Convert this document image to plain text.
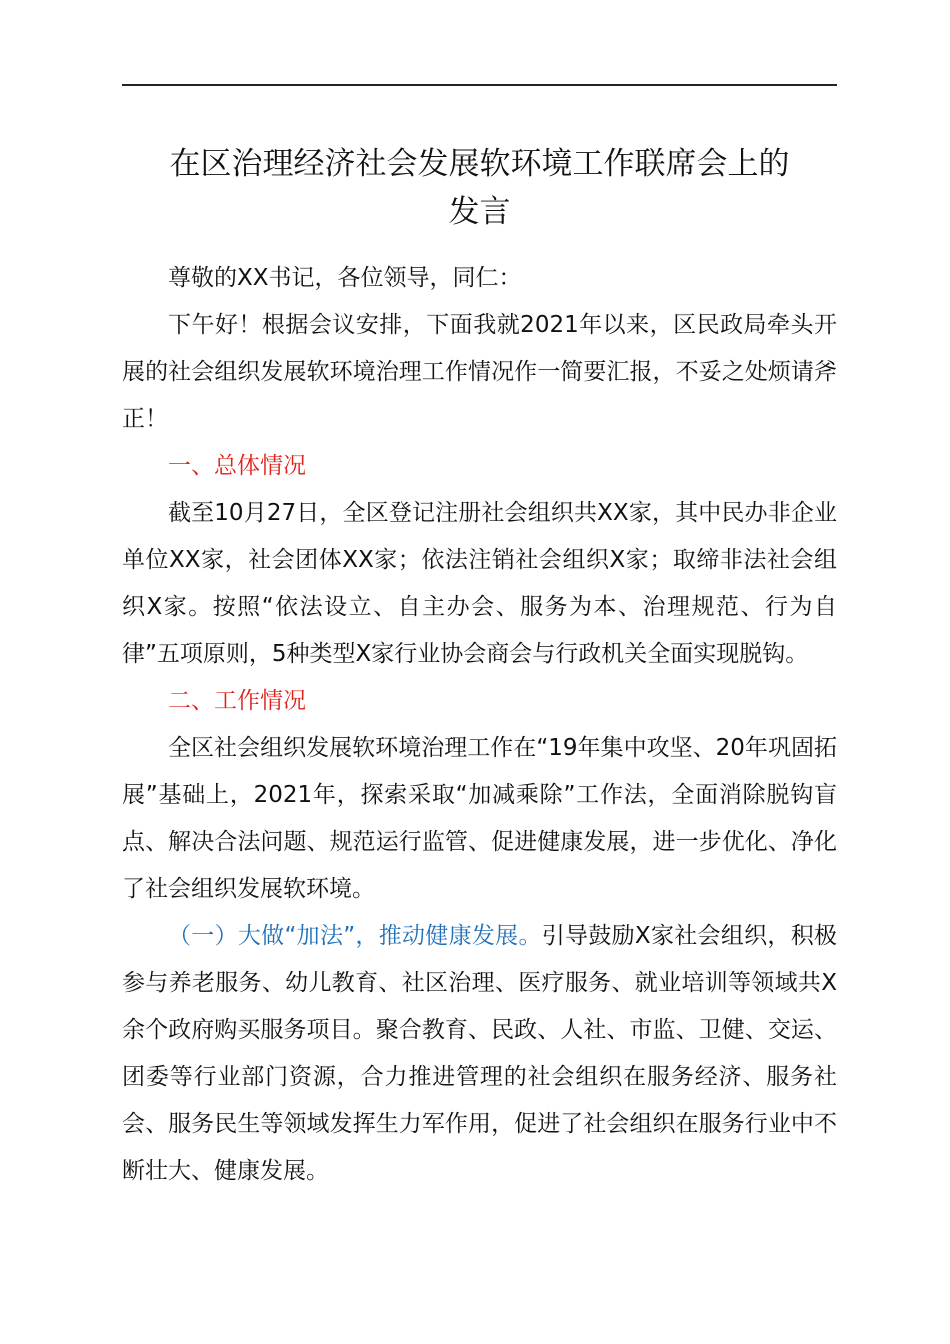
在区治理经济社会发展软环境工作联席会上的
发言

尊敬的XX书记，各位领导，同仁：

下午好！根据会议安排，下面我就2021年以来，区民政局牵头开展的社会组织发展软环境治理工作情况作一简要汇报，不妥之处烦请斧正！

一、总体情况

截至10月27日，全区登记注册社会组织共XX家，其中民办非企业单位XX家，社会团体XX家；依法注销社会组织X家；取缔非法社会组织X家。按照“依法设立、自主办会、服务为本、治理规范、行为自律”五项原则，5种类型X家行业协会商会与行政机关全面实现脱钩。

二、工作情况

全区社会组织发展软环境治理工作在“19年集中攻坚、20年巩固拓展”基础上，2021年，探索采取“加减乘除”工作法，全面消除脱钩盲点、解决合法问题、规范运行监管、促进健康发展，进一步优化、净化了社会组织发展软环境。

（一）大做“加法”，推动健康发展。引导鼓励X家社会组织，积极参与养老服务、幼儿教育、社区治理、医疗服务、就业培训等领域共X余个政府购买服务项目。聚合教育、民政、人社、市监、卫健、交运、团委等行业部门资源，合力推进管理的社会组织在服务经济、服务社会、服务民生等领域发挥生力军作用，促进了社会组织在服务行业中不断壮大、健康发展。
